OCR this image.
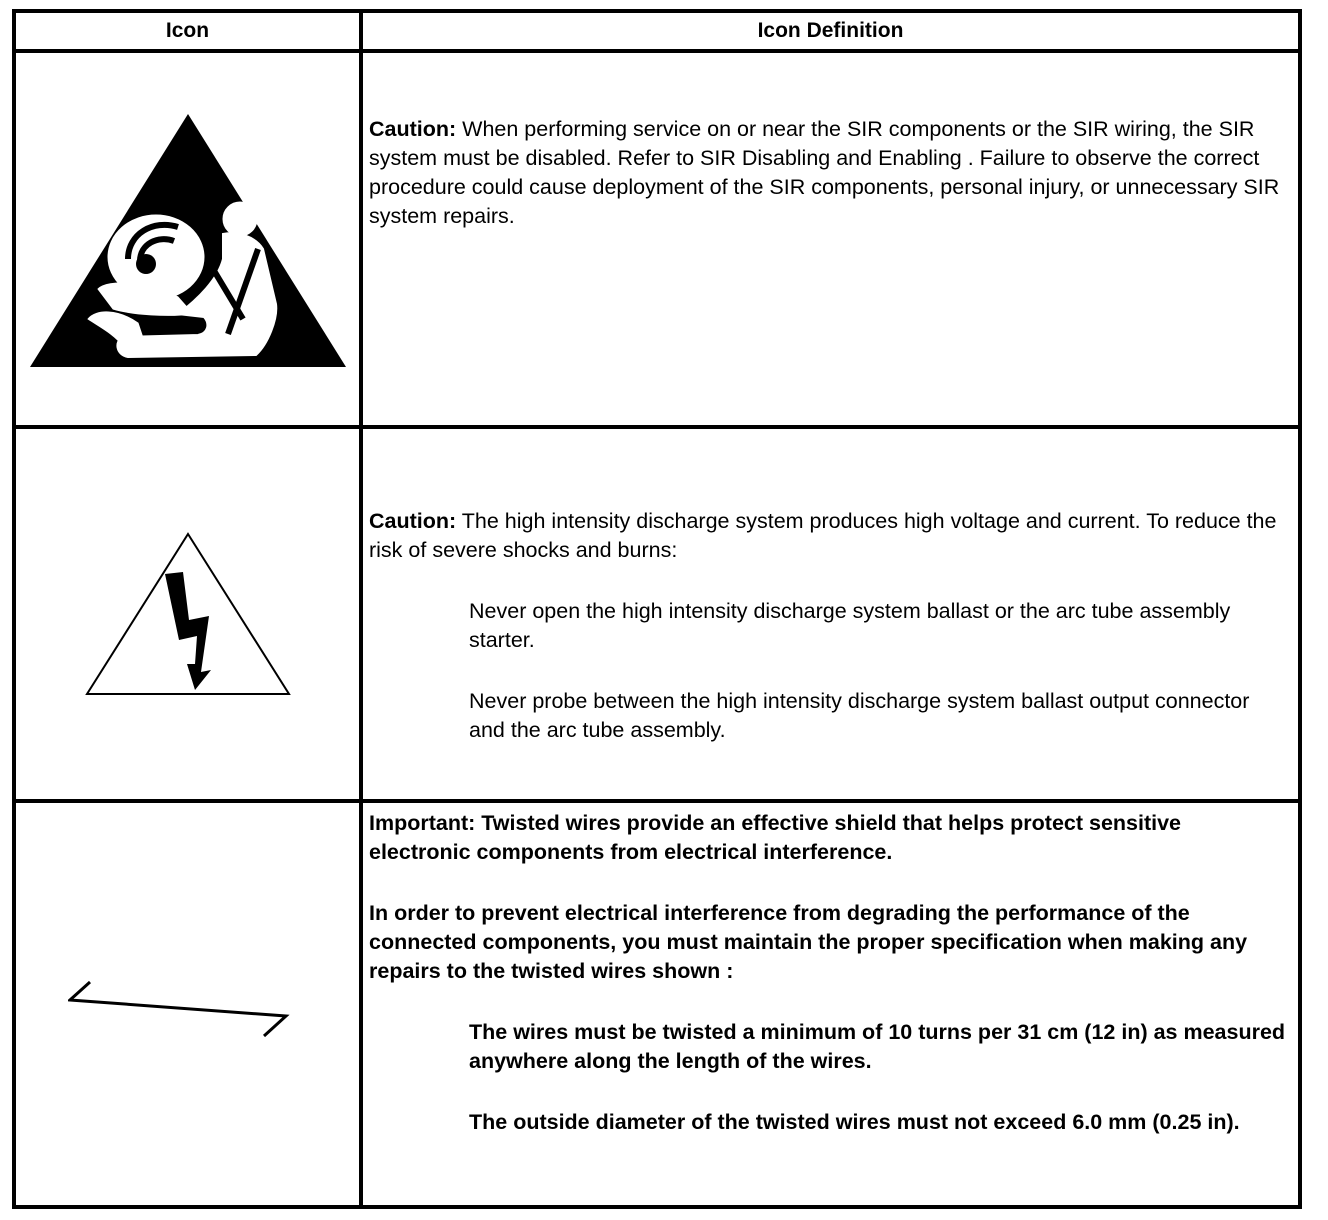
Icon	Icon Definition

Caution: When performing service on or near the SIR components or the SIR wiring, the SIR system must be disabled. Refer to SIR Disabling and Enabling . Failure to observe the correct procedure could cause deployment of the SIR components, personal injury, or unnecessary SIR system repairs.

Caution: The high intensity discharge system produces high voltage and current. To reduce the risk of severe shocks and burns:

Never open the high intensity discharge system ballast or the arc tube assembly starter.

Never probe between the high intensity discharge system ballast output connector and the arc tube assembly.

Important: Twisted wires provide an effective shield that helps protect sensitive electronic components from electrical interference.

In order to prevent electrical interference from degrading the performance of the connected components, you must maintain the proper specification when making any repairs to the twisted wires shown :

The wires must be twisted a minimum of 10 turns per 31 cm (12 in) as measured anywhere along the length of the wires.

The outside diameter of the twisted wires must not exceed 6.0 mm (0.25 in).
